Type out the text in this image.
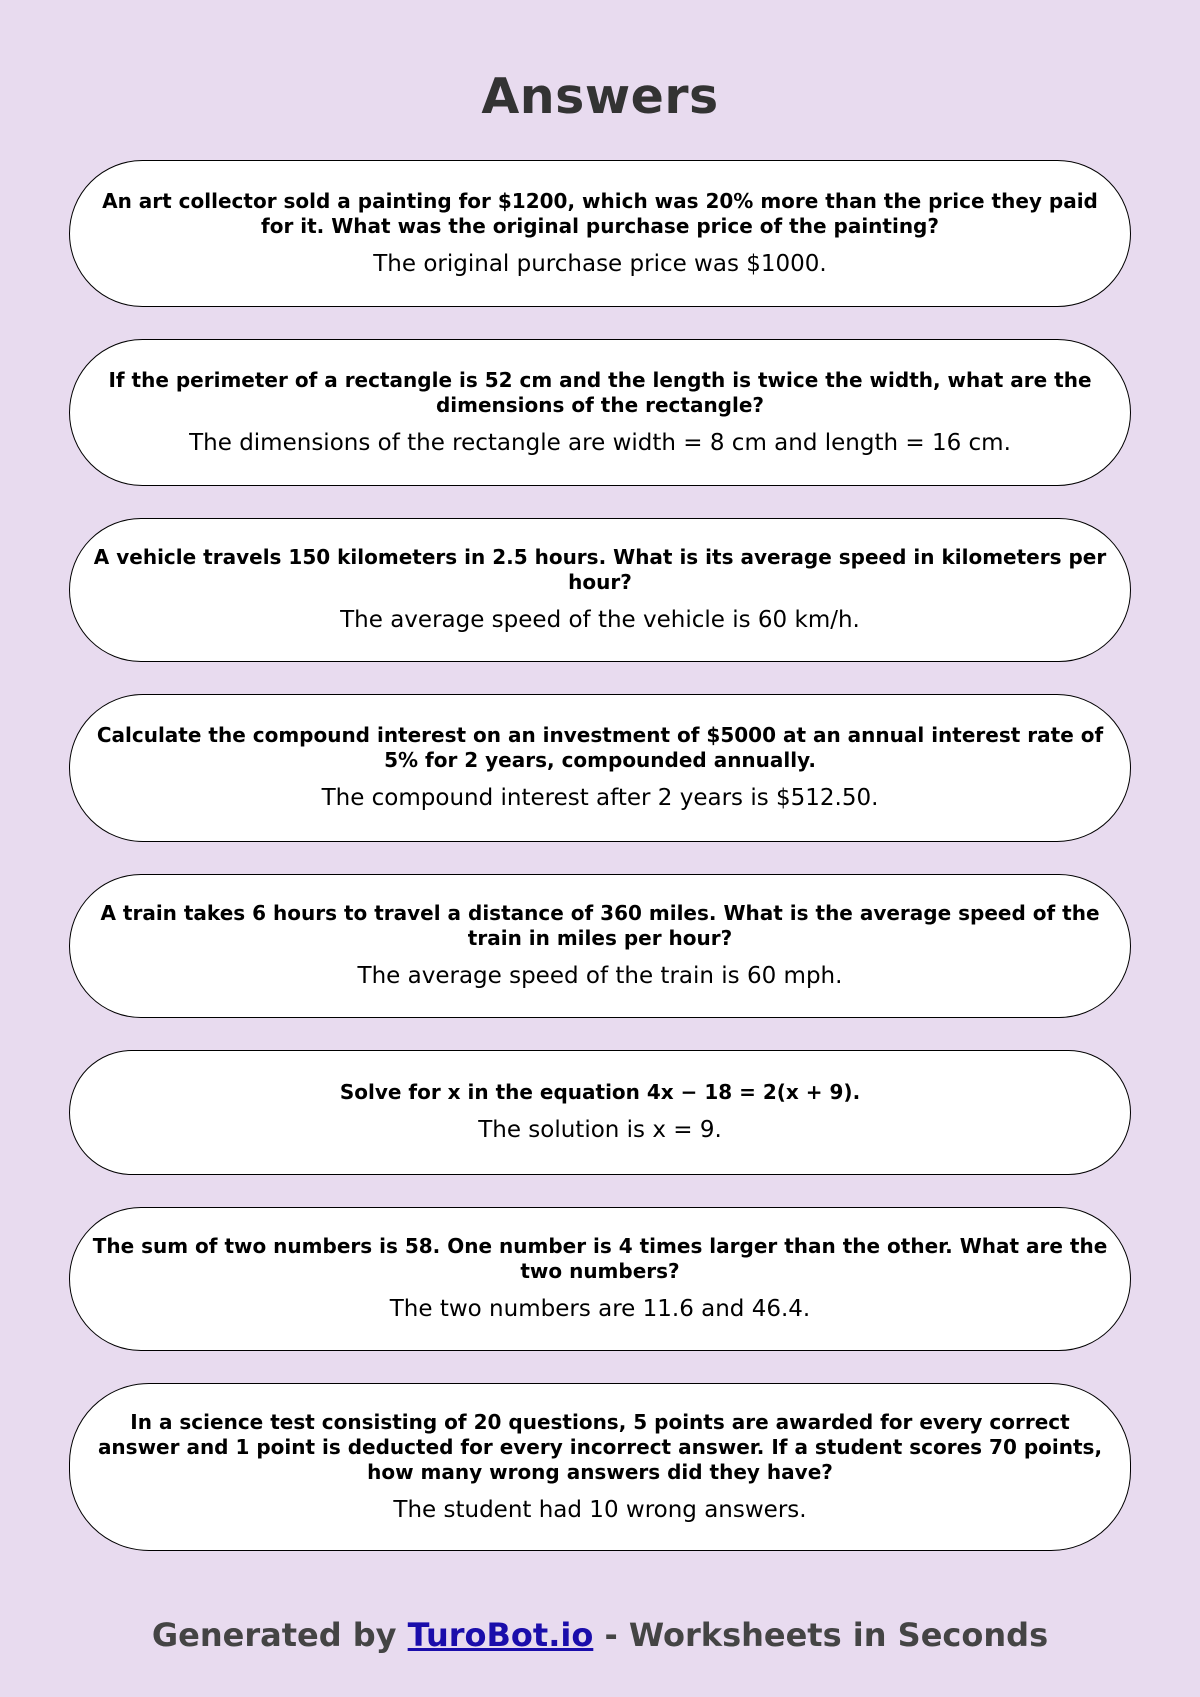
Answers

An art collector sold a painting for $1200, which was 20% more than the price they paid for it. What was the original purchase price of the painting?

The original purchase price was $1000.

If the perimeter of a rectangle is 52 cm and the length is twice the width, what are the dimensions of the rectangle?

The dimensions of the rectangle are width = 8 cm and length = 16 cm.

A vehicle travels 150 kilometers in 2.5 hours. What is its average speed in kilometers per hour?

The average speed of the vehicle is 60 km/h.

Calculate the compound interest on an investment of $5000 at an annual interest rate of 5% for 2 years, compounded annually.

The compound interest after 2 years is $512.50.

A train takes 6 hours to travel a distance of 360 miles. What is the average speed of the train in miles per hour?

The average speed of the train is 60 mph.

Solve for x in the equation 4x − 18 = 2(x + 9).

The solution is x = 9.

The sum of two numbers is 58. One number is 4 times larger than the other. What are the two numbers?

The two numbers are 11.6 and 46.4.

In a science test consisting of 20 questions, 5 points are awarded for every correct answer and 1 point is deducted for every incorrect answer. If a student scores 70 points, how many wrong answers did they have?

The student had 10 wrong answers.

Generated by TuroBot.io - Worksheets in Seconds
